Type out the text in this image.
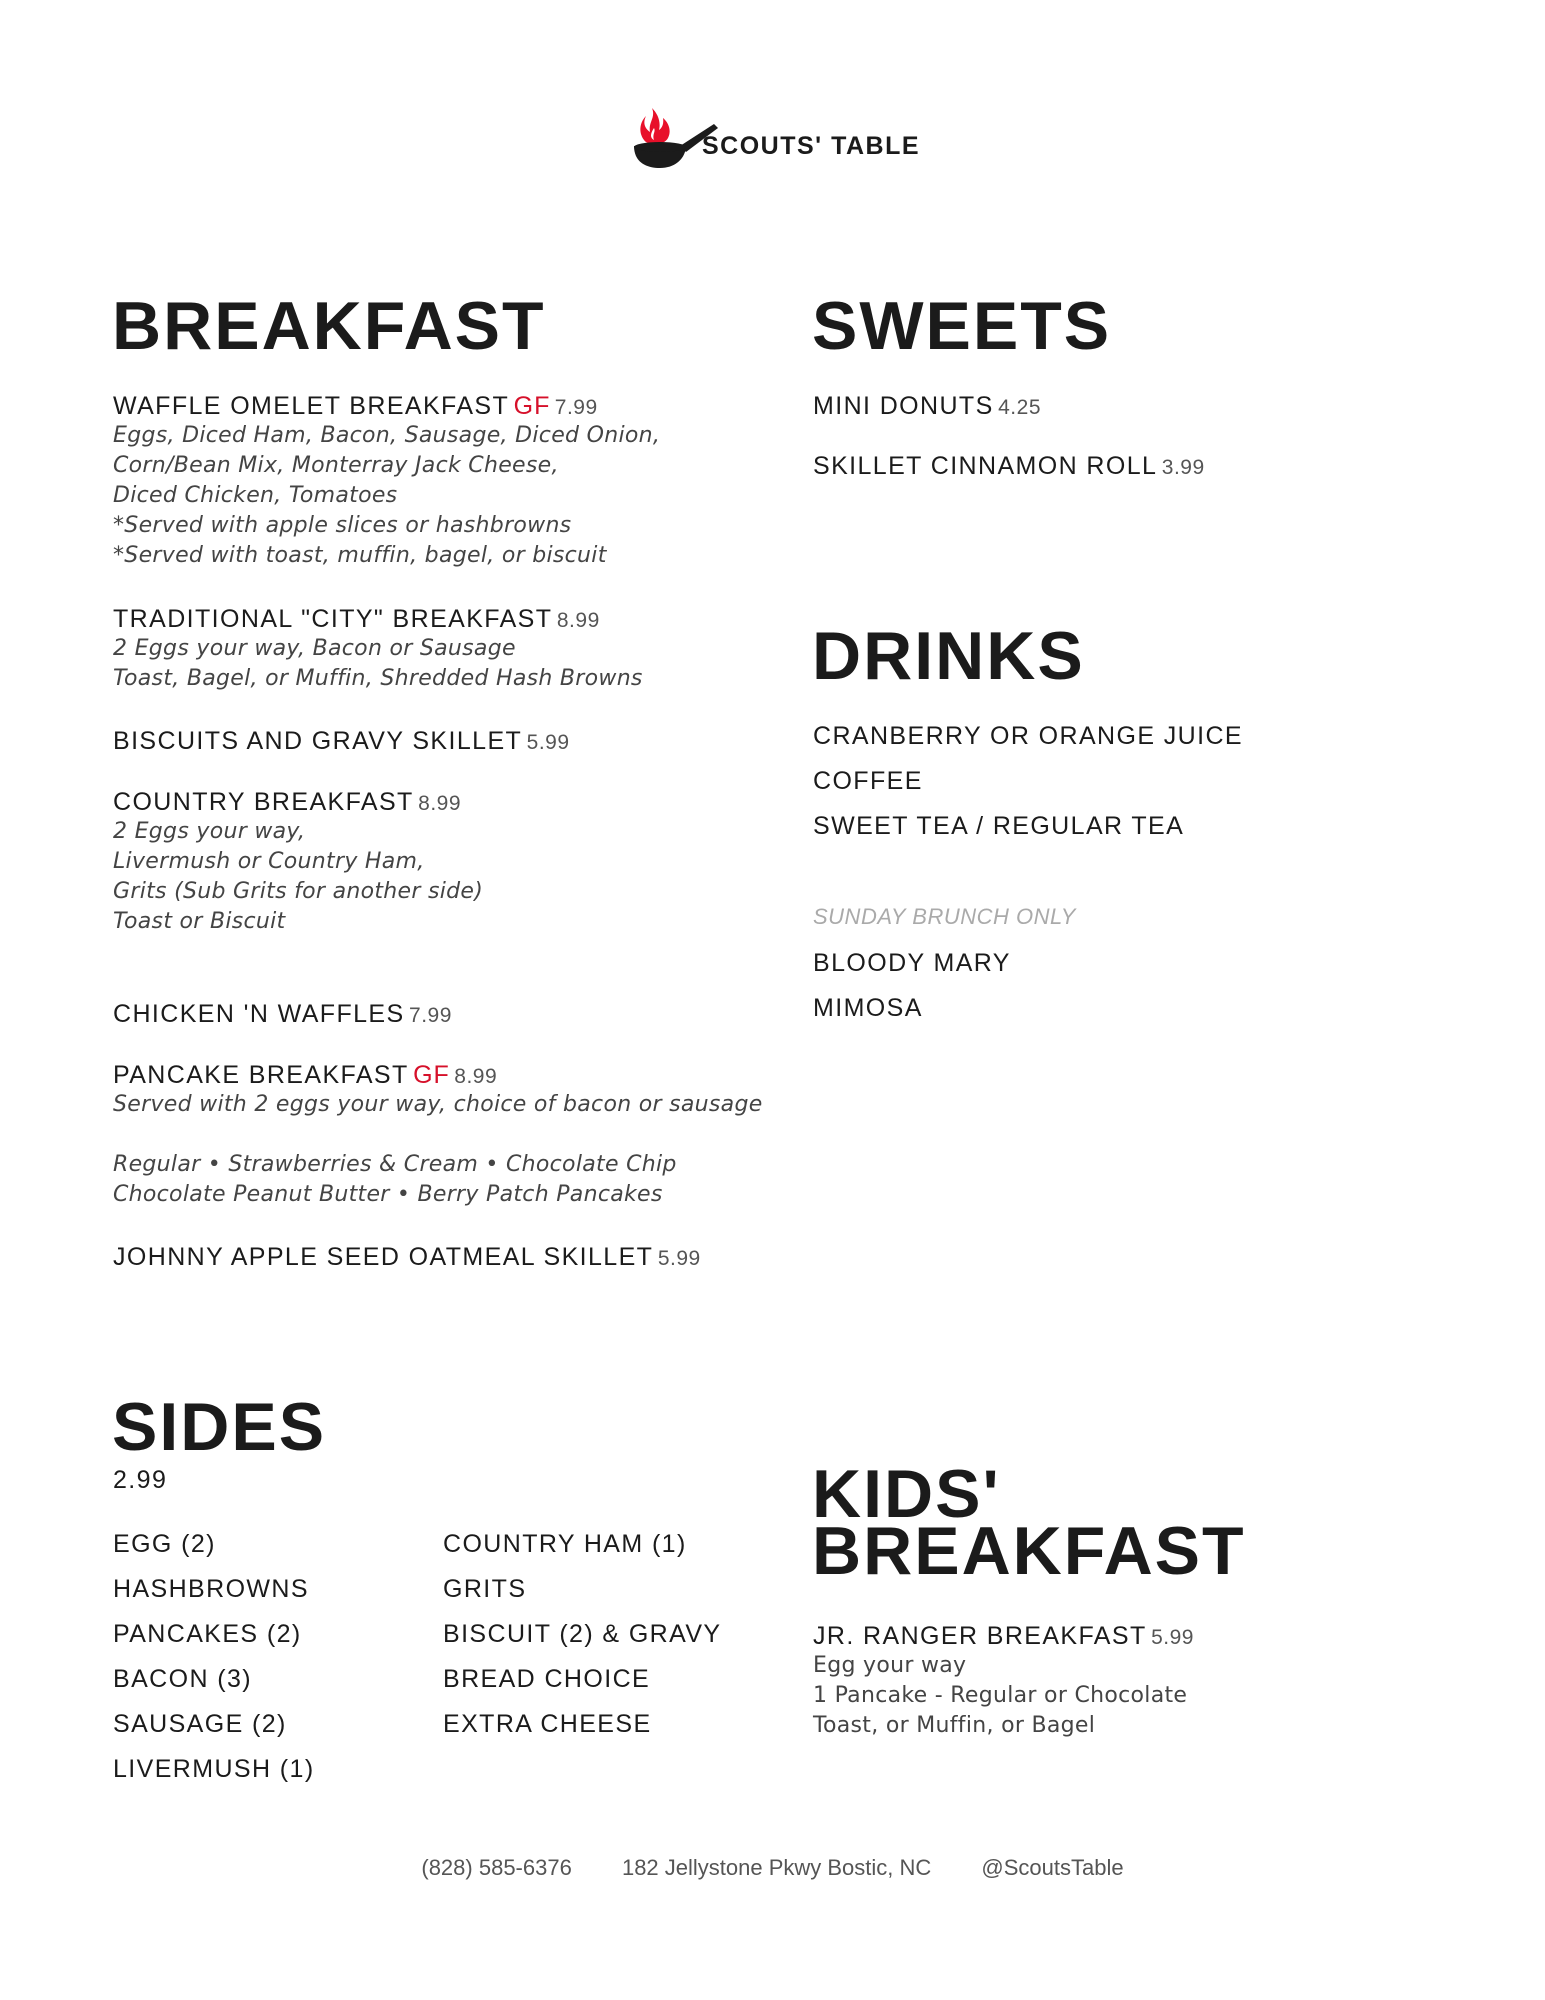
SCOUTS' TABLE
BREAKFAST
WAFFLE OMELET BREAKFAST GF 7.99
Eggs, Diced Ham, Bacon, Sausage, Diced Onion,
Corn/Bean Mix, Monterray Jack Cheese,
Diced Chicken, Tomatoes
*Served with apple slices or hashbrowns
*Served with toast, muffin, bagel, or biscuit
TRADITIONAL "CITY" BREAKFAST 8.99
2 Eggs your way, Bacon or Sausage
Toast, Bagel, or Muffin, Shredded Hash Browns
BISCUITS AND GRAVY SKILLET 5.99
COUNTRY BREAKFAST 8.99
2 Eggs your way,
Livermush or Country Ham,
Grits (Sub Grits for another side)
Toast or Biscuit
CHICKEN 'N WAFFLES 7.99
PANCAKE BREAKFAST GF 8.99
Served with 2 eggs your way, choice of bacon or sausage
Regular • Strawberries & Cream • Chocolate Chip
Chocolate Peanut Butter • Berry Patch Pancakes
JOHNNY APPLE SEED OATMEAL SKILLET 5.99
SWEETS
MINI DONUTS 4.25
SKILLET CINNAMON ROLL 3.99
DRINKS
CRANBERRY OR ORANGE JUICE
COFFEE
SWEET TEA / REGULAR TEA
SUNDAY BRUNCH ONLY
BLOODY MARY
MIMOSA
SIDES
2.99
EGG (2)
HASHBROWNS
PANCAKES (2)
BACON (3)
SAUSAGE (2)
LIVERMUSH (1)
COUNTRY HAM (1)
GRITS
BISCUIT (2) & GRAVY
BREAD CHOICE
EXTRA CHEESE
KIDS'
BREAKFAST
JR. RANGER BREAKFAST 5.99
Egg your way
1 Pancake - Regular or Chocolate
Toast, or Muffin, or Bagel
(828) 585-6376 182 Jellystone Pkwy Bostic, NC @ScoutsTable
